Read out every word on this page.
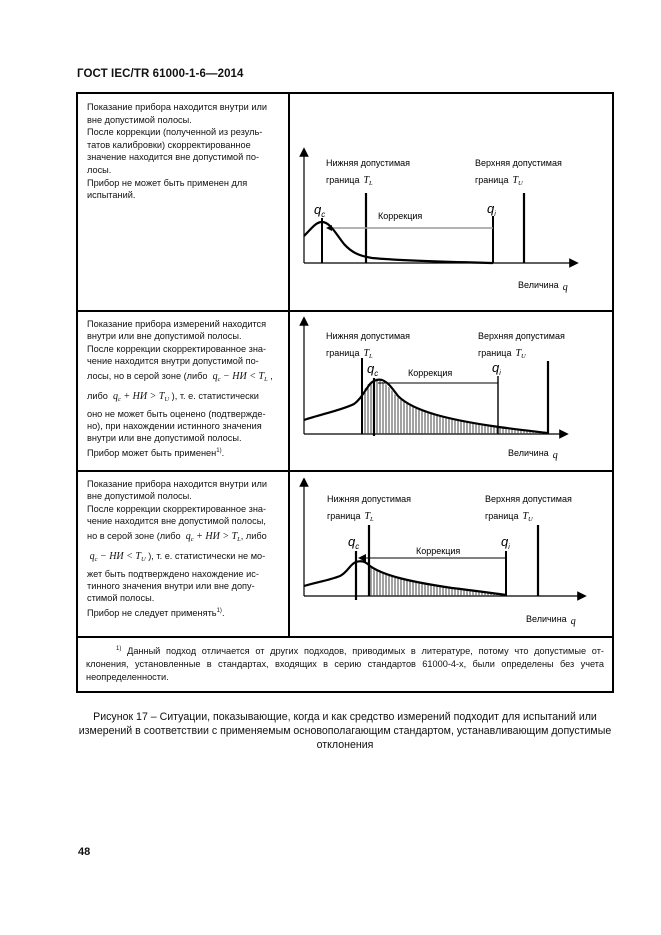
ГОСТ IEC/TR 61000-1-6—2014

Показание прибора находится внутри или

вне допустимой полосы.

После коррекции (полученной из резуль-

татов калибровки) скорректированное

значение находится вне допустимой по-

лосы.

Прибор не может быть применен для

испытаний.

Показание прибора измерений находится

внутри или вне допустимой полосы.

После коррекции скорректированное зна-

чение находится внутри допустимой по-

лосы, но в серой зоне (либо $q_c$ − НИ < $T_L$ ,

либо $q_c$ + НИ > $T_U$ ), т. е. статистически

оно не может быть оценено (подтвержде-

но), при нахождении истинного значения

внутри или вне допустимой полосы.

Прибор может быть применен$^{1)}$.

Показание прибора находится внутри или

вне допустимой полосы.

После коррекции скорректированное зна-

чение находится вне допустимой полосы,

но в серой зоне (либо $q_c$ + НИ > $T_L$, либо

$q_c$ − НИ < $T_U$ ), т. е. статистически не мо-

жет быть подтверждено нахождение ис-

тинного значения внутри или вне допу-

стимой полосы.

Прибор не следует применять$^{1)}$.

Нижняя допустимая
граница $T_L$
Верхняя допустимая
граница $T_U$
$q_c$	$q_i$
Коррекция
Величина q
Нижняя допустимая
граница $T_L$
Верхняя допустимая
граница $T_U$
$q_c$	$q_i$
Коррекция
Величина q
Нижняя допустимая
граница $T_L$
Верхняя допустимая
граница $T_U$
$q_c$	$q_i$
Коррекция
Величина q
$^{1)}$ Данный подход отличается от других подходов, приводимых в литературе, потому что допустимые от-клонения, установленные в стандартах, входящих в серию стандартов 61000-4-х, были определены без учета неопределенности.
Рисунок 17 – Ситуации, показывающие, когда и как средство измерений подходит для испытаний или измерений в соответствии с применяемым основополагающим стандартом, устанавливающим допустимые отклонения
48
